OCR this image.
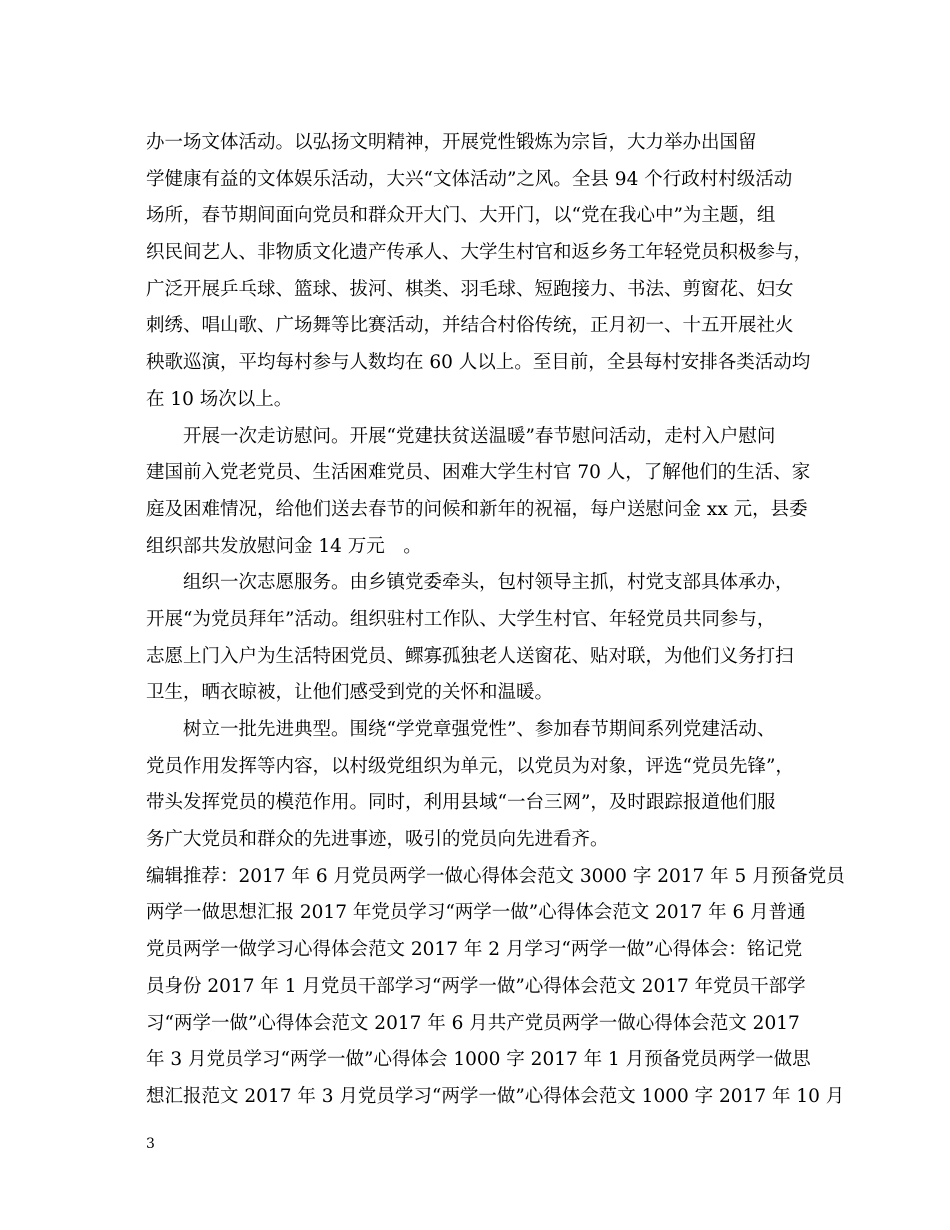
办一场文体活动。以弘扬文明精神，开展党性锻炼为宗旨，大力举办出国留
学健康有益的文体娱乐活动，大兴“文体活动”之风。全县 94 个行政村村级活动
场所，春节期间面向党员和群众开大门、大开门，以“党在我心中”为主题，组
织民间艺人、非物质文化遗产传承人、大学生村官和返乡务工年轻党员积极参与，
广泛开展乒乓球、篮球、拔河、棋类、羽毛球、短跑接力、书法、剪窗花、妇女
刺绣、唱山歌、广场舞等比赛活动，并结合村俗传统，正月初一、十五开展社火
秧歌巡演，平均每村参与人数均在 60 人以上。至目前，全县每村安排各类活动均
在 10 场次以上。
开展一次走访慰问。开展“党建扶贫送温暖”春节慰问活动，走村入户慰问
建国前入党老党员、生活困难党员、困难大学生村官 70 人，了解他们的生活、家
庭及困难情况，给他们送去春节的问候和新年的祝福，每户送慰问金 xx 元，县委
组织部共发放慰问金 14 万元　。
组织一次志愿服务。由乡镇党委牵头，包村领导主抓，村党支部具体承办，
开展“为党员拜年”活动。组织驻村工作队、大学生村官、年轻党员共同参与，
志愿上门入户为生活特困党员、鳏寡孤独老人送窗花、贴对联，为他们义务打扫
卫生，晒衣晾被，让他们感受到党的关怀和温暖。
树立一批先进典型。围绕“学党章强党性”、参加春节期间系列党建活动、
党员作用发挥等内容，以村级党组织为单元，以党员为对象，评选“党员先锋”，
带头发挥党员的模范作用。同时，利用县域“一台三网”，及时跟踪报道他们服
务广大党员和群众的先进事迹，吸引的党员向先进看齐。
编辑推荐：2017 年 6 月党员两学一做心得体会范文 3000 字 2017 年 5 月预备党员
两学一做思想汇报 2017 年党员学习“两学一做”心得体会范文 2017 年 6 月普通
党员两学一做学习心得体会范文 2017 年 2 月学习“两学一做”心得体会：铭记党
员身份 2017 年 1 月党员干部学习“两学一做”心得体会范文 2017 年党员干部学
习“两学一做”心得体会范文 2017 年 6 月共产党员两学一做心得体会范文 2017
年 3 月党员学习“两学一做”心得体会 1000 字 2017 年 1 月预备党员两学一做思
想汇报范文 2017 年 3 月党员学习“两学一做”心得体会范文 1000 字 2017 年 10 月
3
